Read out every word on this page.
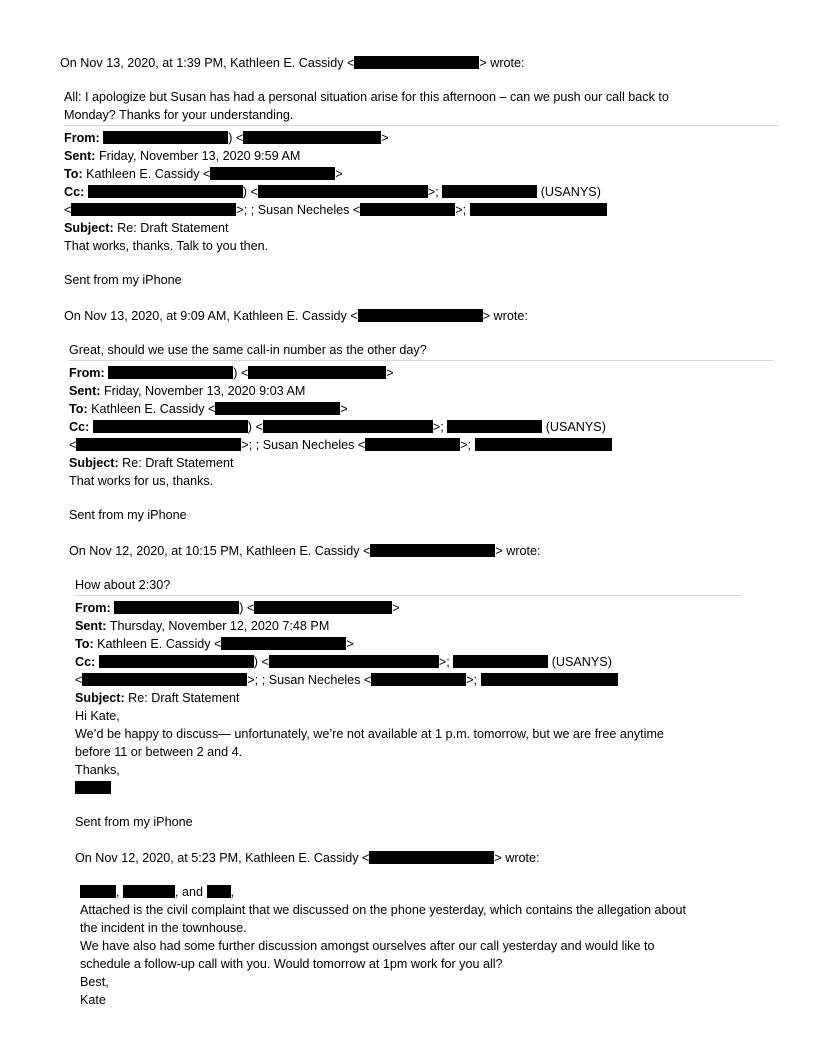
On Nov 13, 2020, at 1:39 PM, Kathleen E. Cassidy <	> wrote:
All: I apologize but Susan has had a personal situation arise for this afternoon – can we push our call back to
Monday? Thanks for your understanding.
From:	) <	>
Sent: Friday, November 13, 2020 9:59 AM
To: Kathleen E. Cassidy <	>
Cc:	) <	>;	(USANYS)
<	>; ; Susan Necheles <	>;
Subject: Re: Draft Statement
That works, thanks. Talk to you then.
Sent from my iPhone
On Nov 13, 2020, at 9:09 AM, Kathleen E. Cassidy <	> wrote:
Great, should we use the same call-in number as the other day?
From:	) <	>
Sent: Friday, November 13, 2020 9:03 AM
To: Kathleen E. Cassidy <	>
Cc:	) <	>;	(USANYS)
<	>; ; Susan Necheles <	>;
Subject: Re: Draft Statement
That works for us, thanks.
Sent from my iPhone
On Nov 12, 2020, at 10:15 PM, Kathleen E. Cassidy <	> wrote:
How about 2:30?
From:	) <	>
Sent: Thursday, November 12, 2020 7:48 PM
To: Kathleen E. Cassidy <	>
Cc:	) <	>;	(USANYS)
<	>; ; Susan Necheles <	>;
Subject: Re: Draft Statement
Hi Kate,
We’d be happy to discuss— unfortunately, we’re not available at 1 p.m. tomorrow, but we are free anytime
before 11 or between 2 and 4.
Thanks,
Sent from my iPhone
On Nov 12, 2020, at 5:23 PM, Kathleen E. Cassidy <	> wrote:
,	, and ,
Attached is the civil complaint that we discussed on the phone yesterday, which contains the allegation about
the incident in the townhouse.
We have also had some further discussion amongst ourselves after our call yesterday and would like to
schedule a follow-up call with you. Would tomorrow at 1pm work for you all?
Best,
Kate
